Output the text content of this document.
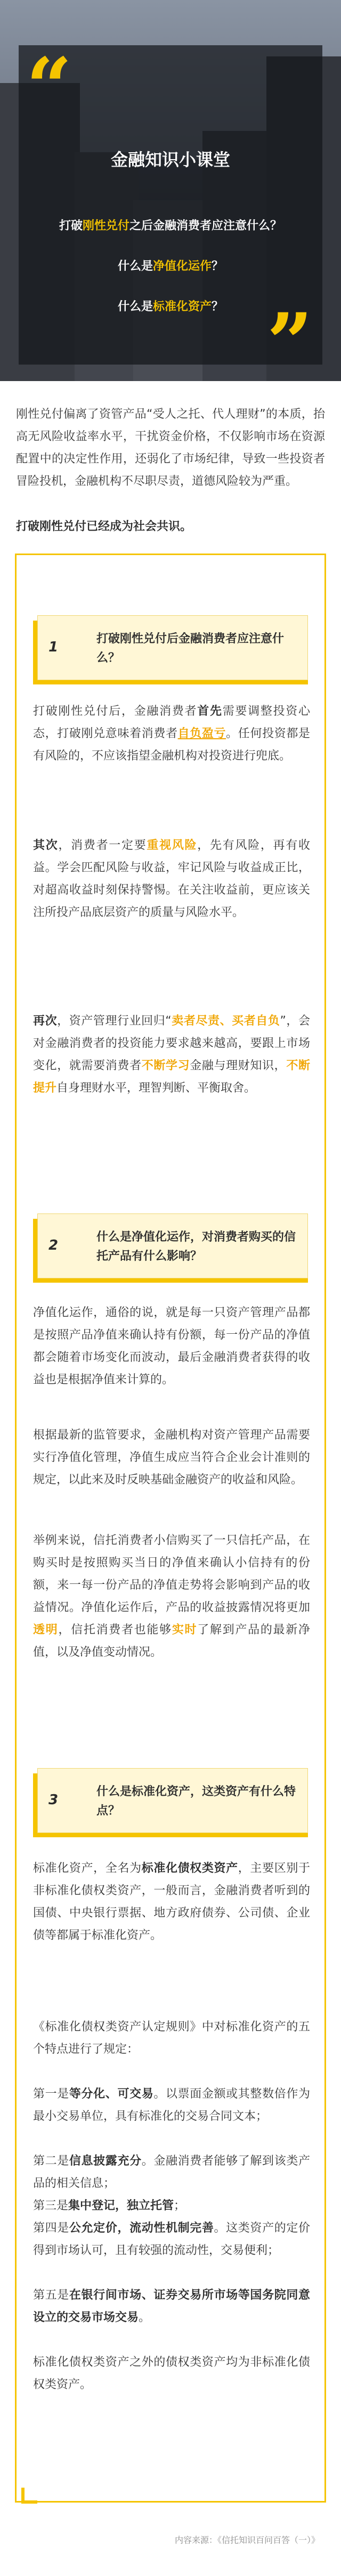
“
金融知识小课堂
打破刚性兑付之后金融消费者应注意什么？
什么是净值化运作？
什么是标准化资产？ ”
刚性兑付偏离了资管产品“受人之托、代人理财”的本质，抬高无风险收益率水平，干扰资金价格，不仅影响市场在资源配置中的决定性作用，还弱化了市场纪律，导致一些投资者冒险投机，金融机构不尽职尽责，道德风险较为严重。
打破刚性兑付已经成为社会共识。
1
打破刚性兑付后金融消费者应注意什么？
打破刚性兑付后，金融消费者首先需要调整投资心态，打破刚兑意味着消费者自负盈亏。任何投资都是有风险的，不应该指望金融机构对投资进行兜底。
其次，消费者一定要重视风险，先有风险，再有收益。学会匹配风险与收益，牢记风险与收益成正比，对超高收益时刻保持警惕。在关注收益前，更应该关注所投产品底层资产的质量与风险水平。
再次，资产管理行业回归“卖者尽责、买者自负”，会对金融消费者的投资能力要求越来越高，要跟上市场变化，就需要消费者不断学习金融与理财知识，不断提升自身理财水平，理智判断、平衡取舍。
2
什么是净值化运作，对消费者购买的信托产品有什么影响？
净值化运作，通俗的说，就是每一只资产管理产品都是按照产品净值来确认持有份额，每一份产品的净值都会随着市场变化而波动，最后金融消费者获得的收益也是根据净值来计算的。
根据最新的监管要求，金融机构对资产管理产品需要实行净值化管理，净值生成应当符合企业会计准则的规定，以此来及时反映基础金融资产的收益和风险。
举例来说，信托消费者小信购买了一只信托产品，在购买时是按照购买当日的净值来确认小信持有的份额，来一每一份产品的净值走势将会影响到产品的收益情况。净值化运作后，产品的收益披露情况将更加透明，信托消费者也能够实时了解到产品的最新净值，以及净值变动情况。
3
什么是标准化资产，这类资产有什么特点？
标准化资产，全名为标准化债权类资产，主要区别于非标准化债权类资产，一般而言，金融消费者听到的国债、中央银行票据、地方政府债券、公司债、企业债等都属于标准化资产。
《标准化债权类资产认定规则》中对标准化资产的五个特点进行了规定：
第一是等分化、可交易。以票面金额或其整数倍作为最小交易单位，具有标准化的交易合同文本；
第二是信息披露充分。金融消费者能够了解到该类产品的相关信息；
第三是集中登记，独立托管；
第四是公允定价，流动性机制完善。这类资产的定价得到市场认可，且有较强的流动性，交易便利；
第五是在银行间市场、证券交易所市场等国务院同意设立的交易市场交易。
标准化债权类资产之外的债权类资产均为非标准化债权类资产。
内容来源：《信托知识百问百答（一）》
